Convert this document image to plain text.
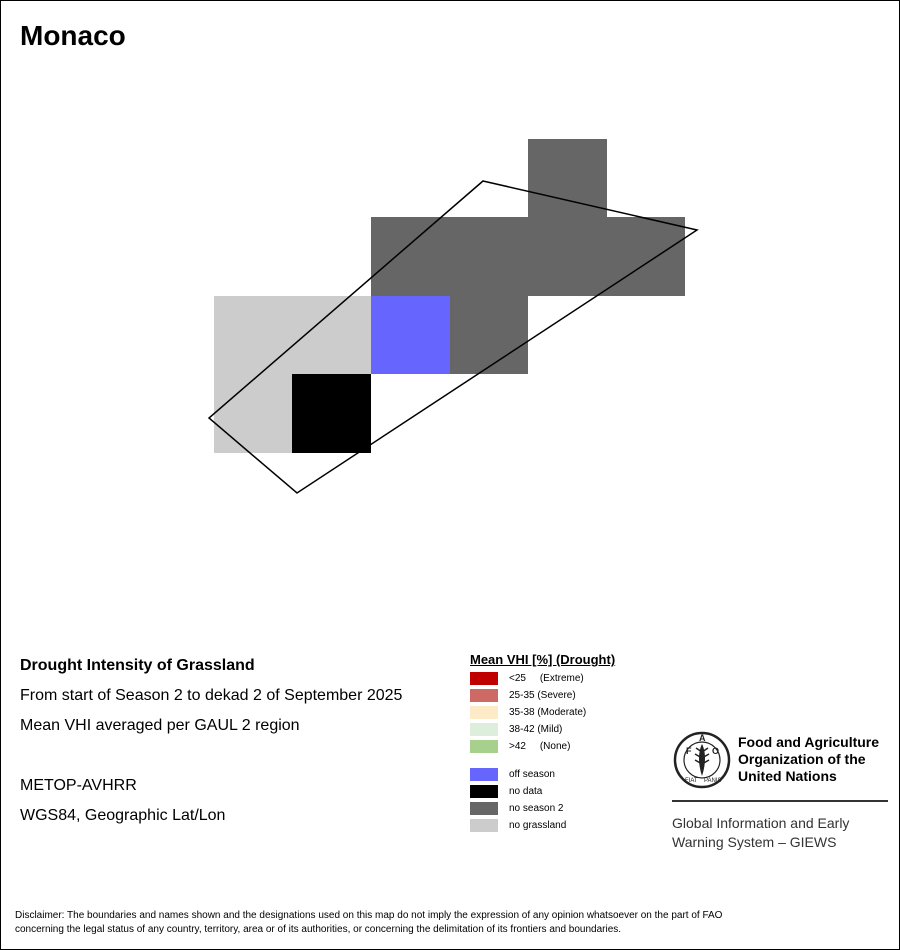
Monaco
Drought Intensity of Grassland
From start of Season 2 to dekad 2 of September 2025
Mean VHI averaged per GAUL 2 region
METOP-AVHRR
WGS84, Geographic Lat/Lon
Mean VHI [%] (Drought)
<25     (Extreme)
25-35 (Severe)
35-38 (Moderate)
38-42 (Mild)
>42     (None)
off season
no data
no season 2
no grassland
F
A
O
FIAT PANIS
Food and Agriculture
Organization of the
United Nations
Global Information and Early
Warning System – GIEWS
Disclaimer: The boundaries and names shown and the designations used on this map do not imply the expression of any opinion whatsoever on the part of FAO
concerning the legal status of any country, territory, area or of its authorities, or concerning the delimitation of its frontiers and boundaries.
